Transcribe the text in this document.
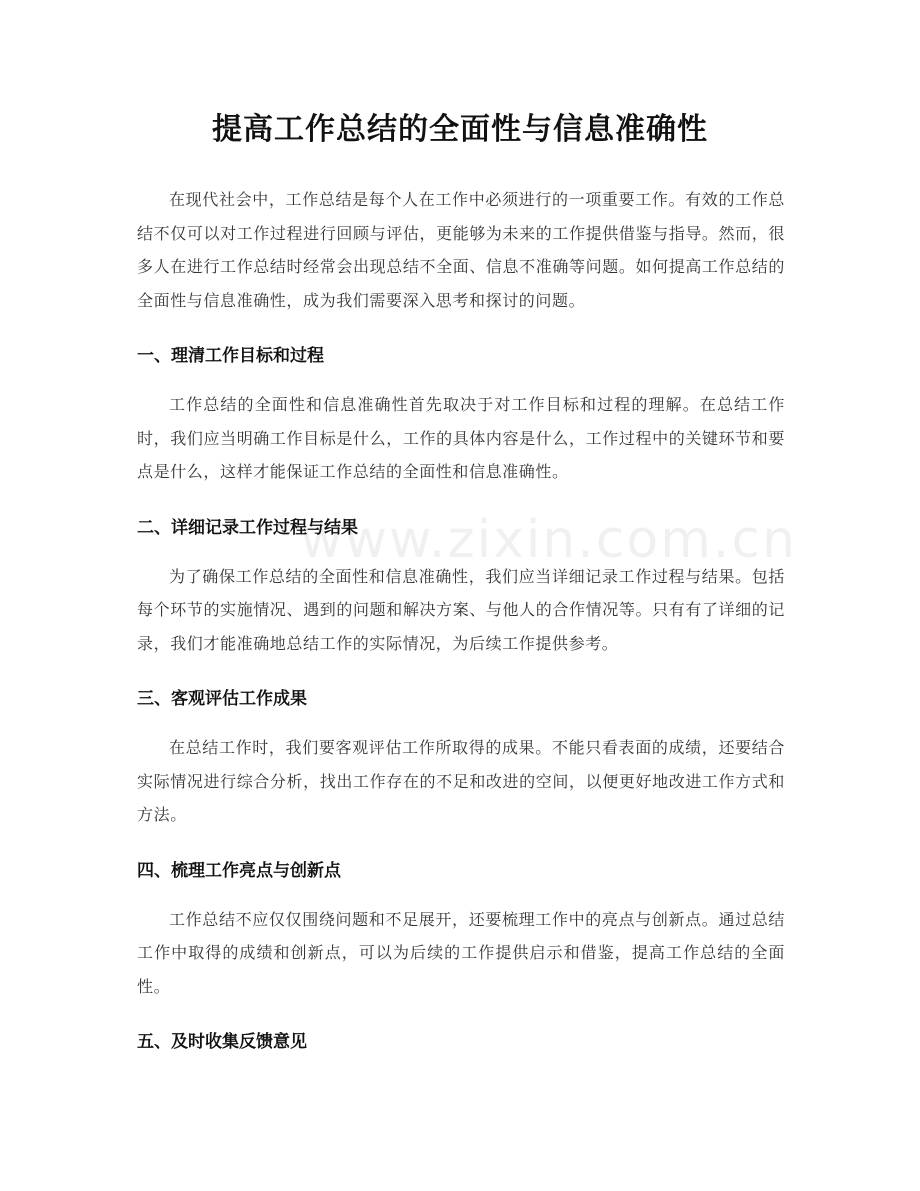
提高工作总结的全面性与信息准确性
www.zixin.com.cn

在现代社会中，工作总结是每个人在工作中必须进行的一项重要工作。有效的工作总结不仅可以对工作过程进行回顾与评估，更能够为未来的工作提供借鉴与指导。然而，很多人在进行工作总结时经常会出现总结不全面、信息不准确等问题。如何提高工作总结的全面性与信息准确性，成为我们需要深入思考和探讨的问题。

一、理清工作目标和过程

工作总结的全面性和信息准确性首先取决于对工作目标和过程的理解。在总结工作时，我们应当明确工作目标是什么，工作的具体内容是什么，工作过程中的关键环节和要点是什么，这样才能保证工作总结的全面性和信息准确性。

二、详细记录工作过程与结果

为了确保工作总结的全面性和信息准确性，我们应当详细记录工作过程与结果。包括每个环节的实施情况、遇到的问题和解决方案、与他人的合作情况等。只有有了详细的记录，我们才能准确地总结工作的实际情况，为后续工作提供参考。

三、客观评估工作成果

在总结工作时，我们要客观评估工作所取得的成果。不能只看表面的成绩，还要结合实际情况进行综合分析，找出工作存在的不足和改进的空间，以便更好地改进工作方式和方法。

四、梳理工作亮点与创新点

工作总结不应仅仅围绕问题和不足展开，还要梳理工作中的亮点与创新点。通过总结工作中取得的成绩和创新点，可以为后续的工作提供启示和借鉴，提高工作总结的全面性。

五、及时收集反馈意见
